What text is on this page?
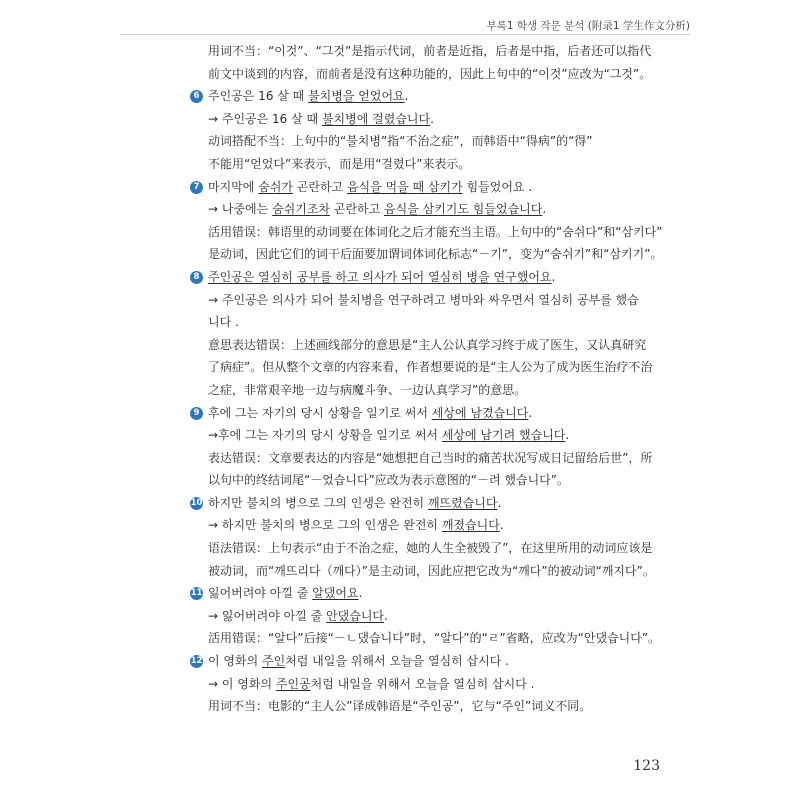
부록1 학생 작문 분석 (附录1 学生作文分析)
用词不当：“이것”、“그것”是指示代词，前者是近指，后者是中指，后者还可以指代
前文中谈到的内容，而前者是没有这种功能的，因此上句中的“이것”应改为“그것”。
6 주인공은 16 살 때 불치병을 얻었어요.
→ 주인공은 16 살 때 불치병에 걸렸습니다.
动词搭配不当：上句中的“불치병”指“不治之症”，而韩语中“得病”的“得”
不能用“얻었다”来表示，而是用“걸렸다”来表示。
7 마지막에 숨쉬가 곤란하고 음식을 먹을 때 삼키가 힘들었어요 .
→ 나중에는 숨쉬기조차 곤란하고 음식을 삼키기도 힘들었습니다.
活用错误：韩语里的动词要在体词化之后才能充当主语。上句中的“숨쉬다”和“삼키다”
是动词，因此它们的词干后面要加谓词体词化标志“－기”，变为“숨쉬기”和“삼키기”。
8 주인공은 열심히 공부를 하고 의사가 되어 열심히 병을 연구했어요.
→ 주인공은 의사가 되어 불치병을 연구하려고 병마와 싸우면서 열심히 공부를 했습
니다 .
意思表达错误：上述画线部分的意思是“主人公认真学习终于成了医生，又认真研究
了病症”。但从整个文章的内容来看，作者想要说的是“主人公为了成为医生治疗不治
之症，非常艰辛地一边与病魔斗争、一边认真学习”的意思。
9 후에 그는 자기의 당시 상황을 일기로 써서 세상에 남겼습니다.
→후에 그는 자기의 당시 상황을 일기로 써서 세상에 남기려 했습니다.
表达错误：文章要表达的内容是“她想把自己当时的痛苦状况写成日记留给后世”，所
以句中的终结词尾“－었습니다”应改为表示意图的“－려 했습니다”。
10 하지만 불치의 병으로 그의 인생은 완전히 깨뜨렸습니다.
→ 하지만 불치의 병으로 그의 인생은 완전히 깨졌습니다.
语法错误：上句表示“由于不治之症，她的人生全被毁了”，在这里所用的动词应该是
被动词，而“깨뜨리다（깨다）”是主动词，因此应把它改为“깨다”的被动词“깨지다”。
11 잃어버려야 아낄 줄 알댔어요.
→ 잃어버려야 아낄 줄 안댔습니다.
活用错误：“알다”后接“－ㄴ댔습니다”时，“알다”的“ㄹ”省略，应改为“안댔습니다”。
12 이 영화의 주인처럼 내일을 위해서 오늘을 열심히 삽시다 .
→ 이 영화의 주인공처럼 내일을 위해서 오늘을 열심히 삽시다 .
用词不当：电影的“主人公”译成韩语是“주인공”，它与“주인”词义不同。
123
